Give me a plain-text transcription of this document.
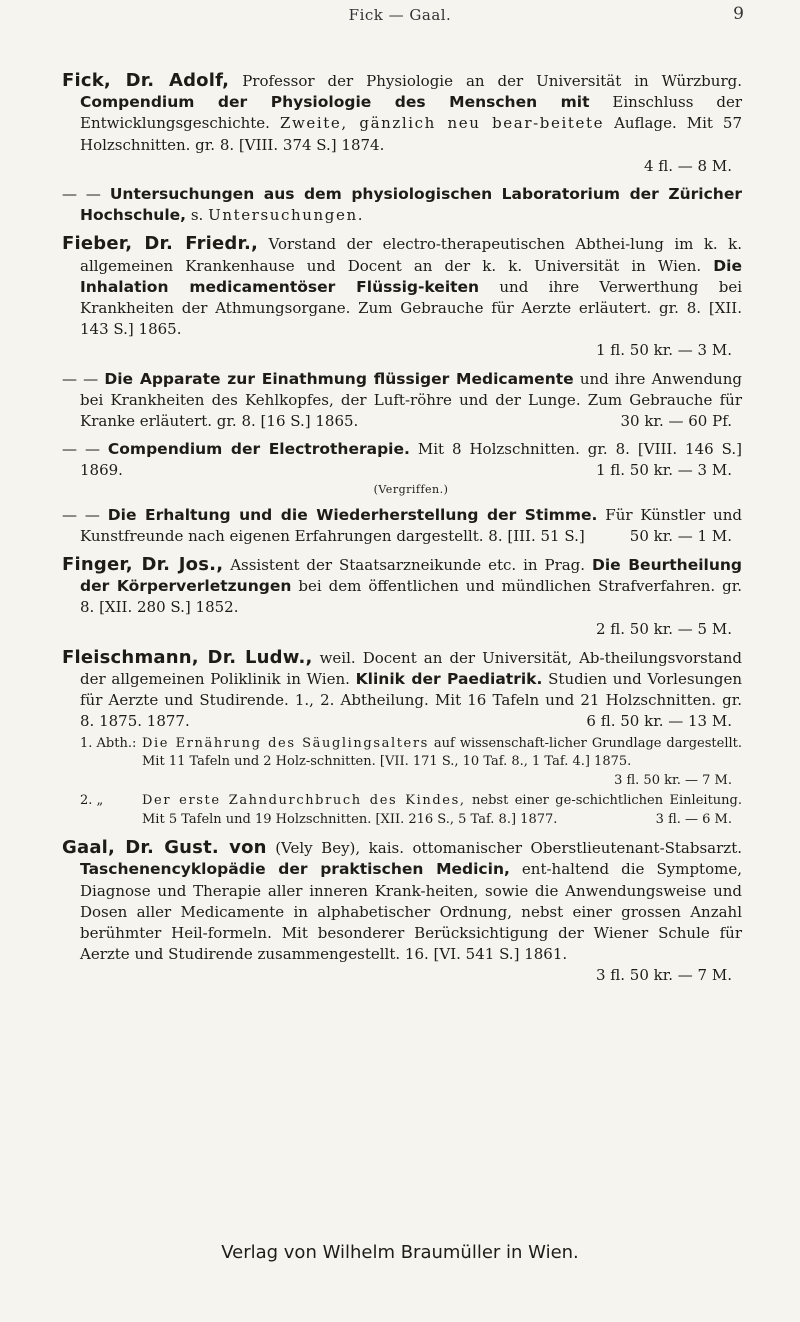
Fick — Gaal.	9

Fick, Dr. Adolf, Professor der Physiologie an der Universität in Würzburg. Compendium der Physiologie des Menschen mit Einschluss der Entwicklungsgeschichte. Zweite, gänzlich neu bear-beitete Auflage. Mit 57 Holzschnitten. gr. 8. [VIII. 374 S.] 1874.
4 fl. — 8 M.

— — Untersuchungen aus dem physiologischen Laboratorium der Züricher Hochschule, s. Untersuchungen.

Fieber, Dr. Friedr., Vorstand der electro-therapeutischen Abthei-lung im k. k. allgemeinen Krankenhause und Docent an der k. k. Universität in Wien. Die Inhalation medicamentöser Flüssig-keiten und ihre Verwerthung bei Krankheiten der Athmungsorgane. Zum Gebrauche für Aerzte erläutert. gr. 8. [XII. 143 S.] 1865.
1 fl. 50 kr. — 3 M.

— — Die Apparate zur Einathmung flüssiger Medicamente und ihre Anwendung bei Krankheiten des Kehlkopfes, der Luft-röhre und der Lunge. Zum Gebrauche für Kranke erläutert. gr. 8. [16 S.] 1865.	30 kr. — 60 Pf.

— — Compendium der Electrotherapie. Mit 8 Holzschnitten. gr. 8. [VIII. 146 S.] 1869.	1 fl. 50 kr. — 3 M.
(Vergriffen.)

— — Die Erhaltung und die Wiederherstellung der Stimme. Für Künstler und Kunstfreunde nach eigenen Erfahrungen dargestellt. 8. [III. 51 S.]	50 kr. — 1 M.

Finger, Dr. Jos., Assistent der Staatsarzneikunde etc. in Prag. Die Beurtheilung der Körperverletzungen bei dem öffentlichen und mündlichen Strafverfahren. gr. 8. [XII. 280 S.] 1852.
2 fl. 50 kr. — 5 M.

Fleischmann, Dr. Ludw., weil. Docent an der Universität, Ab-theilungsvorstand der allgemeinen Poliklinik in Wien. Klinik der Paediatrik. Studien und Vorlesungen für Aerzte und Studirende. 1., 2. Abtheilung. Mit 16 Tafeln und 21 Holzschnitten. gr. 8. 1875. 1877.	6 fl. 50 kr. — 13 M.

1. Abth.: Die Ernährung des Säuglingsalters auf wissenschaft-licher Grundlage dargestellt. Mit 11 Tafeln und 2 Holz-schnitten. [VII. 171 S., 10 Taf. 8., 1 Taf. 4.] 1875.
3 fl. 50 kr. — 7 M.
2. „	Der erste Zahndurchbruch des Kindes, nebst einer ge-schichtlichen Einleitung. Mit 5 Tafeln und 19 Holzschnitten. [XII. 216 S., 5 Taf. 8.] 1877.	3 fl. — 6 M.

Gaal, Dr. Gust. von (Vely Bey), kais. ottomanischer Oberstlieutenant-Stabsarzt. Taschenencyklopädie der praktischen Medicin, ent-haltend die Symptome, Diagnose und Therapie aller inneren Krank-heiten, sowie die Anwendungsweise und Dosen aller Medicamente in alphabetischer Ordnung, nebst einer grossen Anzahl berühmter Heil-formeln. Mit besonderer Berücksichtigung der Wiener Schule für Aerzte und Studirende zusammengestellt. 16. [VI. 541 S.] 1861.
3 fl. 50 kr. — 7 M.

Verlag von Wilhelm Braumüller in Wien.
